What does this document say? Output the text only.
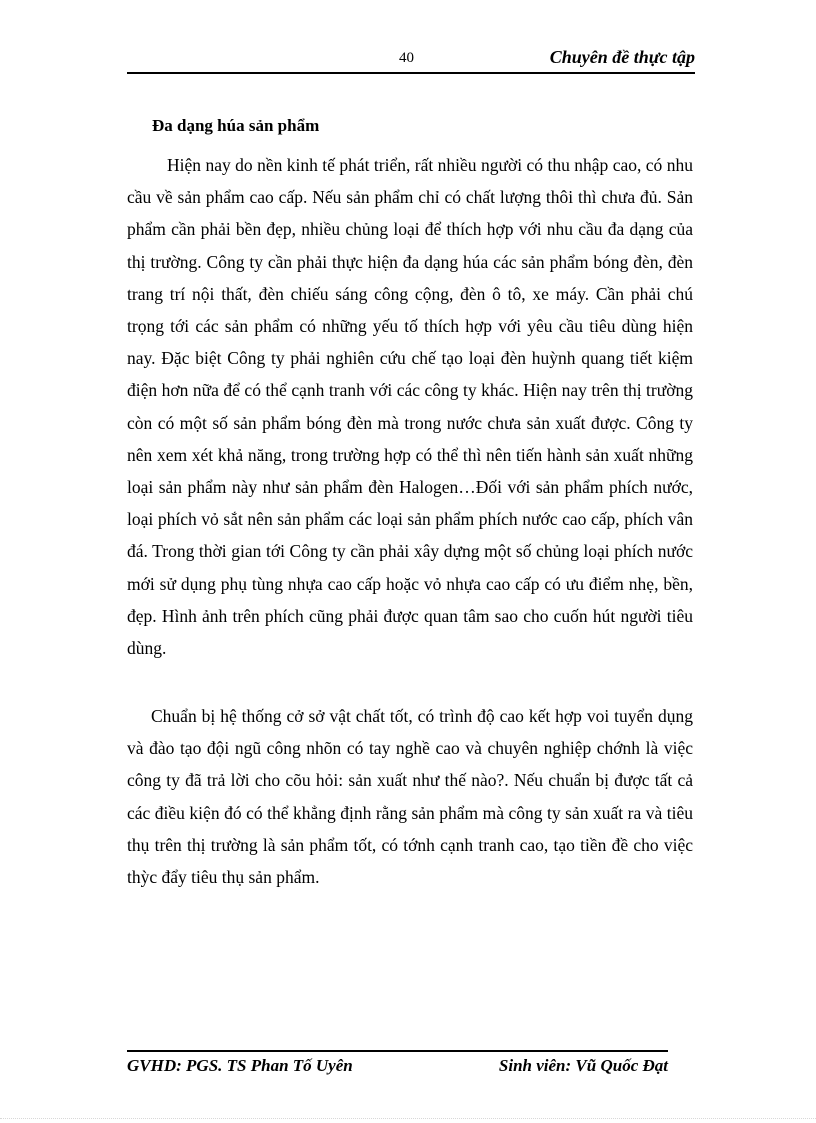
40	Chuyên đề thực tập
Đa dạng húa sản phẩm

Hiện nay do nền kinh tế phát triển, rất nhiều người có thu nhập cao, có nhu cầu về sản phẩm cao cấp. Nếu sản phẩm chỉ có chất lượng thôi thì chưa đủ. Sản phẩm cần phải bền đẹp, nhiều chủng loại để thích hợp với nhu cầu đa dạng của thị trường. Công ty cần phải thực hiện đa dạng húa các sản phẩm bóng đèn, đèn trang trí nội thất, đèn chiếu sáng công cộng, đèn ô tô, xe máy. Cần phải chú trọng tới các sản phẩm có những yếu tố thích hợp với yêu cầu tiêu dùng hiện nay. Đặc biệt Công ty phải nghiên cứu chế tạo loại đèn huỳnh quang tiết kiệm điện hơn nữa để có thể cạnh tranh với các công ty khác. Hiện nay trên thị trường còn có một số sản phẩm bóng đèn mà trong nước chưa sản xuất được. Công ty nên xem xét khả năng, trong trường hợp có thể thì nên tiến hành sản xuất những loại sản phẩm này như sản phẩm đèn Halogen…Đối với sản phẩm phích nước, loại phích vỏ sắt nên sản phẩm các loại sản phẩm phích nước cao cấp, phích vân đá. Trong thời gian tới Công ty cần phải xây dựng một số chủng loại phích nước mới sử dụng phụ tùng nhựa cao cấp hoặc vỏ nhựa cao cấp có ưu điểm nhẹ, bền, đẹp. Hình ảnh trên phích cũng phải được quan tâm sao cho cuốn hút người tiêu dùng.

Chuẩn bị hệ thống cở sở vật chất tốt, có trình độ cao kết hợp voi tuyển dụng và đào tạo đội ngũ công nhõn có tay nghề cao và chuyên nghiệp chớnh là việc công ty đã trả lời cho cõu hỏi: sản xuất như thế nào?. Nếu chuẩn bị được tất cả các điều kiện đó có thể khẳng định rằng sản phẩm mà công ty sản xuất ra và tiêu thụ trên thị trường là sản phẩm tốt, có tớnh cạnh tranh cao, tạo tiền đề cho việc thỳc đẩy tiêu thụ sản phẩm.

GVHD: PGS. TS Phan Tố Uyên	Sinh viên: Vũ Quốc Đạt
